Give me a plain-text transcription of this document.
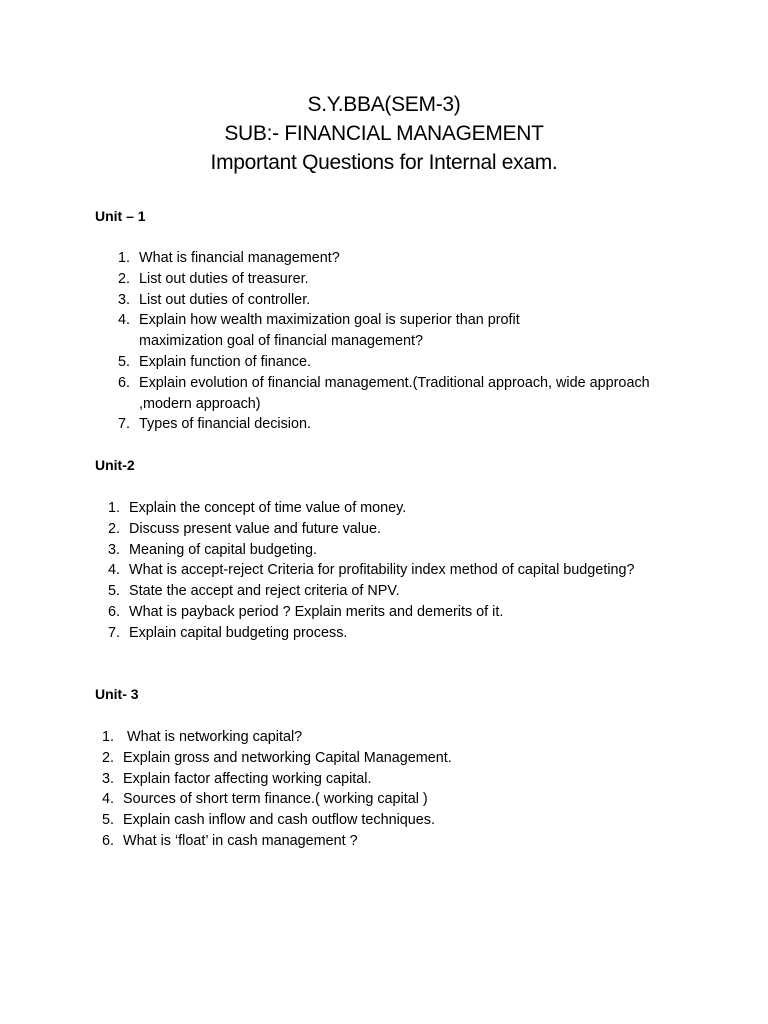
S.Y.BBA(SEM-3)
SUB:- FINANCIAL MANAGEMENT
Important Questions for Internal exam.
Unit – 1
1. What is financial management?
2. List out duties of treasurer.
3. List out duties of controller.
4. Explain how wealth maximization goal is superior than profit maximization goal of financial management?
5. Explain function of finance.
6. Explain evolution of financial management.(Traditional approach, wide approach ,modern approach)
7. Types of financial decision.
Unit-2
1. Explain the concept of time value of money.
2. Discuss present value and future value.
3. Meaning of capital budgeting.
4. What is accept-reject Criteria for profitability index method of capital budgeting?
5. State the accept and reject criteria of NPV.
6. What is payback period ? Explain merits and demerits of it.
7. Explain capital budgeting process.
Unit- 3
1. What is networking capital?
2. Explain gross and networking Capital Management.
3. Explain factor affecting working capital.
4. Sources of short term finance.( working capital )
5. Explain cash inflow and cash outflow techniques.
6. What is ‘float’ in cash management ?
